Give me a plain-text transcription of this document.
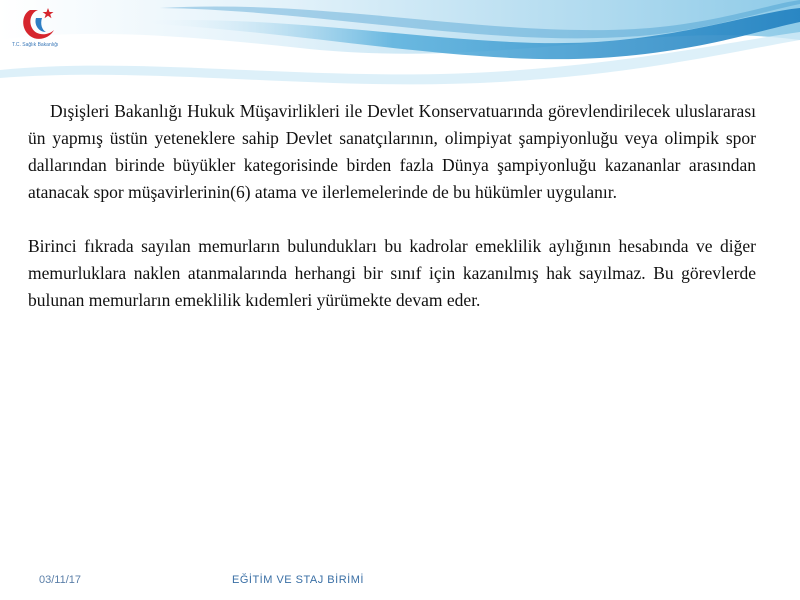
T.C. Sağlık Bakanlığı

Dışişleri Bakanlığı Hukuk Müşavirlikleri ile Devlet Konservatuarında görevlendirilecek uluslararası ün yapmış üstün yeteneklere sahip Devlet sanatçılarının, olimpiyat şampiyonluğu veya olimpik spor dallarından birinde büyükler kategorisinde birden fazla Dünya şampiyonluğu kazananlar arasından atanacak spor müşavirlerinin(6) atama ve ilerlemelerinde de bu hükümler uygulanır.

Birinci fıkrada sayılan memurların bulundukları bu kadrolar emeklilik aylığının hesabında ve diğer memurluklara naklen atanmalarında herhangi bir sınıf için kazanılmış hak sayılmaz. Bu görevlerde bulunan memurların emeklilik kıdemleri yürümekte devam eder.

03/11/17	EĞİTİM VE STAJ BİRİMİ
